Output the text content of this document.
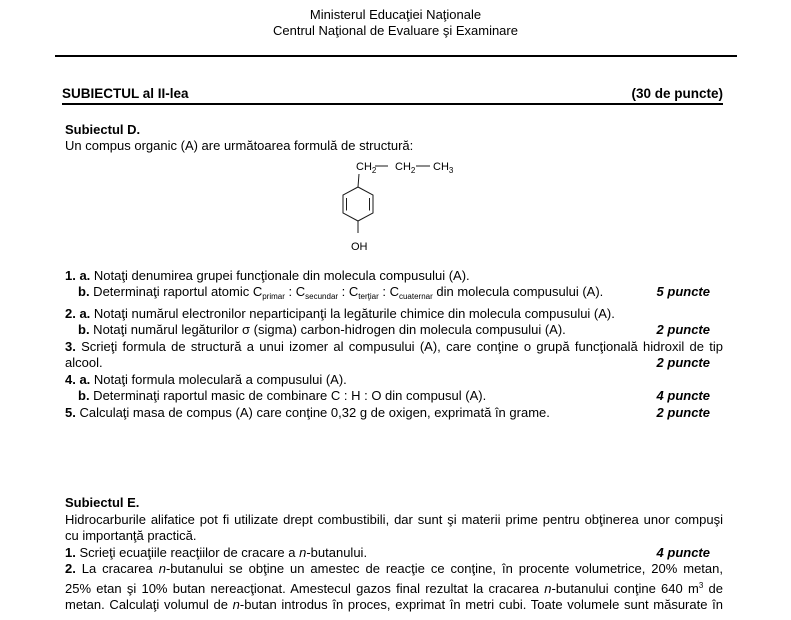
Ministerul Educaţiei Naţionale
Centrul Naţional de Evaluare şi Examinare
SUBIECTUL al II-lea	(30 de puncte)
Subiectul D.
Un compus organic (A) are următoarea formulă de structură:
$CH_2$ $CH_2$ $CH_3$
OH
1. a. Notaţi denumirea grupei funcţionale din molecula compusului (A).
b. Determinaţi raportul atomic $C_{primar}$ : $C_{secundar}$ : $C_{terţiar}$ : $C_{cuaternar}$ din molecula compusului (A).	5 puncte
2. a. Notaţi numărul electronilor neparticipanţi la legăturile chimice din molecula compusului (A).
b. Notaţi numărul legăturilor σ (sigma) carbon-hidrogen din molecula compusului (A).	2 puncte
3. Scrieţi formula de structură a unui izomer al compusului (A), care conţine o grupă funcţională hidroxil de tip
alcool.	2 puncte
4. a. Notaţi formula moleculară a compusului (A).
b. Determinaţi raportul masic de combinare C : H : O din compusul (A).	4 puncte
5. Calculaţi masa de compus (A) care conţine 0,32 g de oxigen, exprimată în grame.	2 puncte
Subiectul E.
Hidrocarburile alifatice pot fi utilizate drept combustibili, dar sunt şi materii prime pentru obţinerea unor compuşi
cu importanţă practică.
1. Scrieţi ecuaţiile reacţiilor de cracare a n-butanului.	4 puncte
2. La cracarea n-butanului se obţine un amestec de reacţie ce conţine, în procente volumetrice, 20% metan,
25% etan şi 10% butan nereacţionat. Amestecul gazos final rezultat la cracarea n-butanului conţine 640 $m^3$ de
metan. Calculaţi volumul de n-butan introdus în proces, exprimat în metri cubi. Toate volumele sunt măsurate în
